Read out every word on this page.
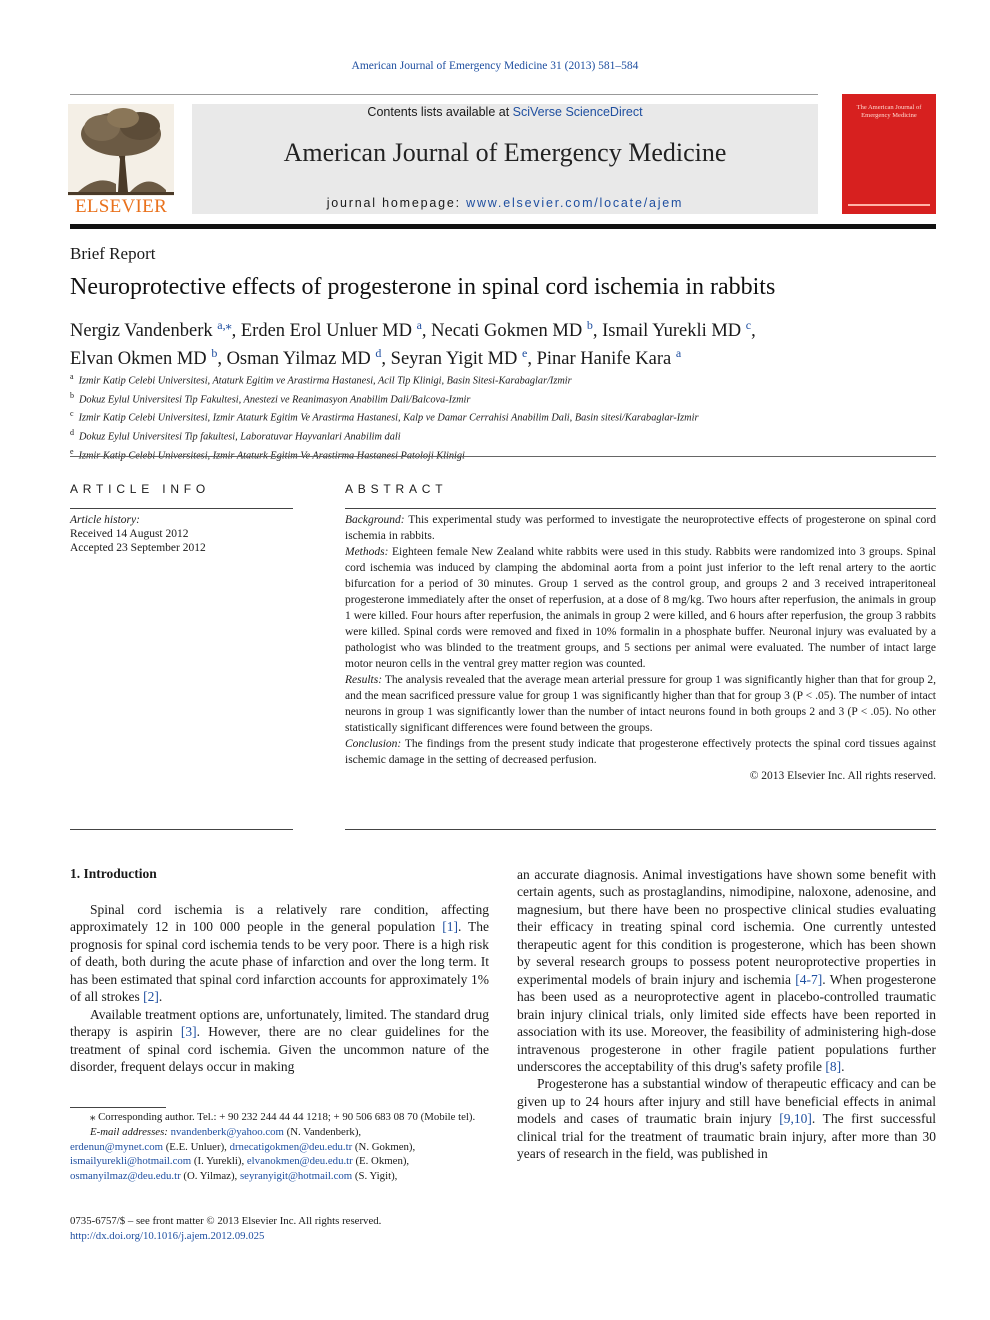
American Journal of Emergency Medicine 31 (2013) 581–584
ELSEVIER
Contents lists available at SciVerse ScienceDirect
American Journal of Emergency Medicine
journal homepage: www.elsevier.com/locate/ajem
The American Journal of Emergency Medicine
Brief Report
Neuroprotective effects of progesterone in spinal cord ischemia in rabbits
Nergiz Vandenberk $^{a,⁎}$, Erden Erol Unluer MD $^a$, Necati Gokmen MD $^b$, Ismail Yurekli MD $^c$,
Elvan Okmen MD $^b$, Osman Yilmaz MD $^d$, Seyran Yigit MD $^e$, Pinar Hanife Kara $^a$
$^a$ Izmir Katip Celebi Universitesi, Ataturk Egitim ve Arastirma Hastanesi, Acil Tip Klinigi, Basin Sitesi-Karabaglar/Izmir
$^b$ Dokuz Eylul Universitesi Tip Fakultesi, Anestezi ve Reanimasyon Anabilim Dali/Balcova-Izmir
$^c$ Izmir Katip Celebi Universitesi, Izmir Ataturk Egitim Ve Arastirma Hastanesi, Kalp ve Damar Cerrahisi Anabilim Dali, Basin sitesi/Karabaglar-Izmir
$^d$ Dokuz Eylul Universitesi Tip fakultesi, Laboratuvar Hayvanlari Anabilim dali
$^e$
ARTICLE INFO	ABSTRACT
Article history:
Received 14 August 2012
Accepted 23 September 2012

Background: This experimental study was performed to investigate the neuroprotective effects of progesterone on spinal cord ischemia in rabbits.

Methods: Eighteen female New Zealand white rabbits were used in this study. Rabbits were randomized into 3 groups. Spinal cord ischemia was induced by clamping the abdominal aorta from a point just inferior to the left renal artery to the aortic bifurcation for a period of 30 minutes. Group 1 served as the control group, and groups 2 and 3 received intraperitoneal progesterone immediately after the onset of reperfusion, at a dose of 8 mg/kg. Two hours after reperfusion, the animals in group 1 were killed. Four hours after reperfusion, the animals in group 2 were killed, and 6 hours after reperfusion, the group 3 rabbits were killed. Spinal cords were removed and fixed in 10% formalin in a phosphate buffer. Neuronal injury was evaluated by a pathologist who was blinded to the treatment groups, and 5 sections per animal were evaluated. The number of intact large motor neuron cells in the ventral grey matter region was counted.

Results: The analysis revealed that the average mean arterial pressure for group 1 was significantly higher than that for group 2, and the mean sacrificed pressure value for group 1 was significantly higher than that for group 3 (P < .05). The number of intact neurons in group 1 was significantly lower than the number of intact neurons found in both groups 2 and 3 (P < .05). No other statistically significant differences were found between the groups.

Conclusion: The findings from the present study indicate that progesterone effectively protects the spinal cord tissues against ischemic damage in the setting of decreased perfusion.

© 2013 Elsevier Inc. All rights reserved.

1. Introduction

Spinal cord ischemia is a relatively rare condition, affecting approximately 12 in 100 000 people in the general population [1]. The prognosis for spinal cord ischemia tends to be very poor. There is a high risk of death, both during the acute phase of infarction and over the long term. It has been estimated that spinal cord infarction accounts for approximately 1% of all strokes [2].

Available treatment options are, unfortunately, limited. The standard drug therapy is aspirin [3]. However, there are no clear guidelines for the treatment of spinal cord ischemia. Given the uncommon nature of the disorder, frequent delays occur in making

an accurate diagnosis. Animal investigations have shown some benefit with certain agents, such as prostaglandins, nimodipine, naloxone, adenosine, and magnesium, but there have been no prospective clinical studies evaluating their efficacy in treating spinal cord ischemia. One currently untested therapeutic agent for this condition is progesterone, which has been shown by several research groups to possess potent neuroprotective properties in experimental models of brain injury and ischemia [4-7]. When progesterone has been used as a neuroprotective agent in placebo-controlled traumatic brain injury clinical trials, only limited side effects have been reported in association with its use. Moreover, the feasibility of administering high-dose intravenous progesterone in other fragile patient populations further underscores the acceptability of this drug's safety profile [8].

Progesterone has a substantial window of therapeutic efficacy and can be given up to 24 hours after injury and still have beneficial effects in animal models and cases of traumatic brain injury [9,10]. The first successful clinical trial for the treatment of traumatic brain injury, after more than 30 years of research in the field, was published in

⁎ Corresponding author. Tel.: + 90 232 244 44 44 1218; + 90 506 683 08 70 (Mobile tel).
E-mail addresses: nvandenberk@yahoo.com (N. Vandenberk),
erdenun@mynet.com (E.E. Unluer), drnecatigokmen@deu.edu.tr (N. Gokmen),
ismailyurekli@hotmail.com (I. Yurekli), elvanokmen@deu.edu.tr (E. Okmen),
osmanyilmaz@deu.edu.tr (O. Yilmaz), seyranyigit@hotmail.com (S. Yigit),
0735-6757/$ – see front matter © 2013 Elsevier Inc. All rights reserved.
http://dx.doi.org/10.1016/j.ajem.2012.09.025
